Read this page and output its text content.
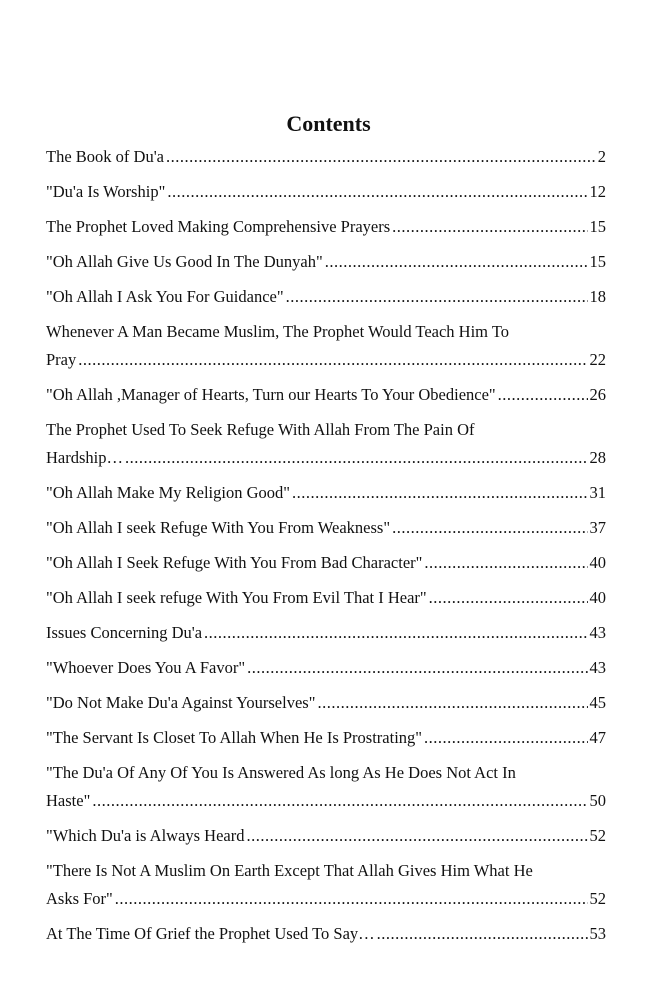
Contents
The Book of Du'a .....	2
"Du'a Is Worship" .....	12
The Prophet Loved Making Comprehensive Prayers .....	15
"Oh Allah Give Us Good In The Dunyah" .....	15
"Oh Allah I Ask You For Guidance" .....	18
Whenever A Man Became Muslim, The Prophet Would Teach Him To
Pray .....	22
"Oh Allah ,Manager of Hearts, Turn our Hearts To Your Obedience" .....	26
The Prophet Used To Seek Refuge With Allah From The Pain Of
Hardship… .....	28
"Oh Allah Make My Religion Good" .....	31
"Oh Allah I seek Refuge With You From Weakness" .....	37
"Oh Allah I Seek Refuge With You From Bad Character" .....	40
"Oh Allah I seek refuge With You From Evil That I Hear" .....	40
Issues Concerning Du'a .....	43
"Whoever Does You A Favor" .....	43
"Do Not Make Du'a Against Yourselves" .....	45
"The Servant Is Closet To Allah When He Is Prostrating" .....	47
"The Du'a Of Any Of You Is Answered As long As He Does Not Act In
Haste" .....	50
"Which Du'a is Always Heard .....	52
"There Is Not A Muslim On Earth Except That Allah Gives Him What He
Asks For" .....	52
At The Time Of Grief the Prophet Used To Say… .....	53
